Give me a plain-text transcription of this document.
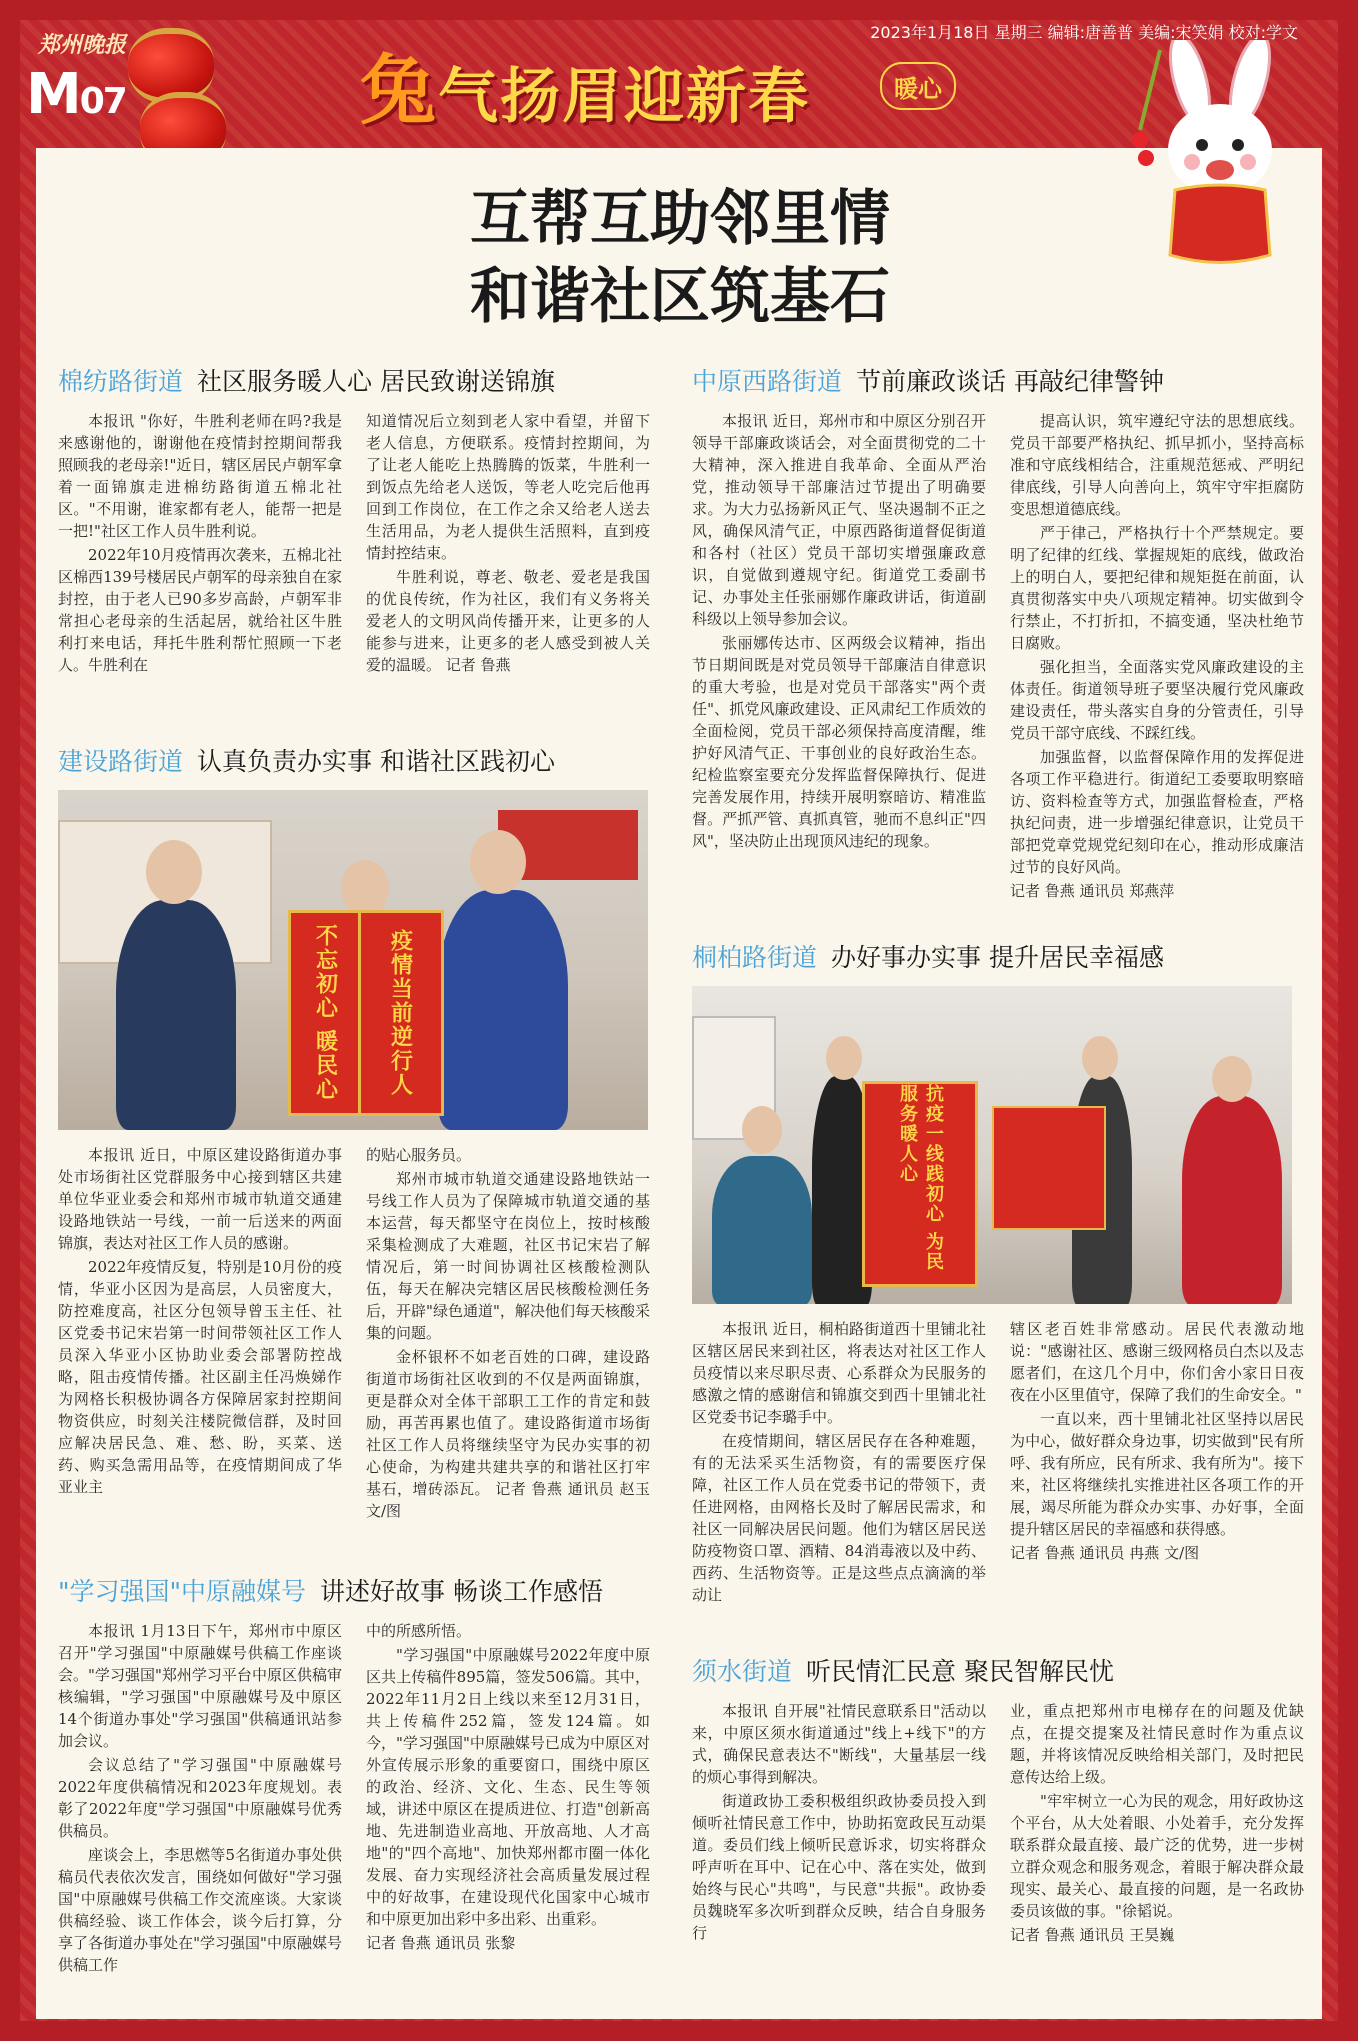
郑州晚报
M07
2023年1月18日 星期三 编辑:唐善普 美编:宋笑娟 校对:学文
兔气扬眉迎新春	暖心
互帮互助邻里情
和谐社区筑基石
棉纺路街道 社区服务暖人心 居民致谢送锦旗

本报讯 "你好，牛胜利老师在吗?我是来感谢他的，谢谢他在疫情封控期间帮我照顾我的老母亲!"近日，辖区居民卢朝军拿着一面锦旗走进棉纺路街道五棉北社区。"不用谢，谁家都有老人，能帮一把是一把!"社区工作人员牛胜利说。

2022年10月疫情再次袭来，五棉北社区棉西139号楼居民卢朝军的母亲独自在家封控，由于老人已90多岁高龄，卢朝军非常担心老母亲的生活起居，就给社区牛胜利打来电话，拜托牛胜利帮忙照顾一下老人。牛胜利在

知道情况后立刻到老人家中看望，并留下老人信息，方便联系。疫情封控期间，为了让老人能吃上热腾腾的饭菜，牛胜利一到饭点先给老人送饭，等老人吃完后他再回到工作岗位，在工作之余又给老人送去生活用品，为老人提供生活照料，直到疫情封控结束。

牛胜利说，尊老、敬老、爱老是我国的优良传统，作为社区，我们有义务将关爱老人的文明风尚传播开来，让更多的人能参与进来，让更多的老人感受到被人关爱的温暖。 记者 鲁燕

建设路街道 认真负责办实事 和谐社区践初心
不忘初心 暖民心 疫情当前逆行人

本报讯 近日，中原区建设路街道办事处市场街社区党群服务中心接到辖区共建单位华亚业委会和郑州市城市轨道交通建设路地铁站一号线，一前一后送来的两面锦旗，表达对社区工作人员的感谢。

2022年疫情反复，特别是10月份的疫情，华亚小区因为是高层，人员密度大，防控难度高，社区分包领导曾玉主任、社区党委书记宋岩第一时间带领社区工作人员深入华亚小区协助业委会部署防控战略，阻击疫情传播。社区副主任冯焕娣作为网格长积极协调各方保障居家封控期间物资供应，时刻关注楼院微信群，及时回应解决居民急、难、愁、盼，买菜、送药、购买急需用品等，在疫情期间成了华亚业主

的贴心服务员。

郑州市城市轨道交通建设路地铁站一号线工作人员为了保障城市轨道交通的基本运营，每天都坚守在岗位上，按时核酸采集检测成了大难题，社区书记宋岩了解情况后，第一时间协调社区核酸检测队伍，每天在解决完辖区居民核酸检测任务后，开辟"绿色通道"，解决他们每天核酸采集的问题。

金杯银杯不如老百姓的口碑，建设路街道市场街社区收到的不仅是两面锦旗，更是群众对全体干部职工工作的肯定和鼓励，再苦再累也值了。建设路街道市场街社区工作人员将继续坚守为民办实事的初心使命，为构建共建共享的和谐社区打牢基石，增砖添瓦。 记者 鲁燕 通讯员 赵玉 文/图

"学习强国"中原融媒号 讲述好故事 畅谈工作感悟

本报讯 1月13日下午，郑州市中原区召开"学习强国"中原融媒号供稿工作座谈会。"学习强国"郑州学习平台中原区供稿审核编辑，"学习强国"中原融媒号及中原区14个街道办事处"学习强国"供稿通讯站参加会议。

会议总结了"学习强国"中原融媒号2022年度供稿情况和2023年度规划。表彰了2022年度"学习强国"中原融媒号优秀供稿员。

座谈会上，李思燃等5名街道办事处供稿员代表依次发言，围绕如何做好"学习强国"中原融媒号供稿工作交流座谈。大家谈供稿经验、谈工作体会，谈今后打算，分享了各街道办事处在"学习强国"中原融媒号供稿工作

中的所感所悟。

"学习强国"中原融媒号2022年度中原区共上传稿件895篇，签发506篇。其中，2022年11月2日上线以来至12月31日，共上传稿件252篇，签发124篇。如今，"学习强国"中原融媒号已成为中原区对外宣传展示形象的重要窗口，围绕中原区的政治、经济、文化、生态、民生等领域，讲述中原区在提质进位、打造"创新高地、先进制造业高地、开放高地、人才高地"的"四个高地"、加快郑州都市圈一体化发展、奋力实现经济社会高质量发展过程中的好故事，在建设现代化国家中心城市和中原更加出彩中多出彩、出重彩。

记者 鲁燕 通讯员 张黎

中原西路街道 节前廉政谈话 再敲纪律警钟

本报讯 近日，郑州市和中原区分别召开领导干部廉政谈话会，对全面贯彻党的二十大精神，深入推进自我革命、全面从严治党，推动领导干部廉洁过节提出了明确要求。为大力弘扬新风正气、坚决遏制不正之风，确保风清气正，中原西路街道督促街道和各村（社区）党员干部切实增强廉政意识，自觉做到遵规守纪。街道党工委副书记、办事处主任张丽娜作廉政讲话，街道副科级以上领导参加会议。

张丽娜传达市、区两级会议精神，指出节日期间既是对党员领导干部廉洁自律意识的重大考验，也是对党员干部落实"两个责任"、抓党风廉政建设、正风肃纪工作质效的全面检阅，党员干部必须保持高度清醒，维护好风清气正、干事创业的良好政治生态。纪检监察室要充分发挥监督保障执行、促进完善发展作用，持续开展明察暗访、精准监督。严抓严管、真抓真管，驰而不息纠正"四风"，坚决防止出现顶风违纪的现象。

提高认识，筑牢遵纪守法的思想底线。党员干部要严格执纪、抓早抓小，坚持高标准和守底线相结合，注重规范惩戒、严明纪律底线，引导人向善向上，筑牢守牢拒腐防变思想道德底线。

严于律己，严格执行十个严禁规定。要明了纪律的红线、掌握规矩的底线，做政治上的明白人，要把纪律和规矩挺在前面，认真贯彻落实中央八项规定精神。切实做到令行禁止，不打折扣，不搞变通，坚决杜绝节日腐败。

强化担当，全面落实党风廉政建设的主体责任。街道领导班子要坚决履行党风廉政建设责任，带头落实自身的分管责任，引导党员干部守底线、不踩红线。

加强监督，以监督保障作用的发挥促进各项工作平稳进行。街道纪工委要取明察暗访、资料检查等方式，加强监督检查，严格执纪问责，进一步增强纪律意识，让党员干部把党章党规党纪刻印在心，推动形成廉洁过节的良好风尚。

记者 鲁燕 通讯员 郑燕萍

桐柏路街道 办好事办实事 提升居民幸福感
抗疫一线践初心 为民服务暖人心

本报讯 近日，桐柏路街道西十里铺北社区辖区居民来到社区，将表达对社区工作人员疫情以来尽职尽责、心系群众为民服务的感激之情的感谢信和锦旗交到西十里铺北社区党委书记李璐手中。

在疫情期间，辖区居民存在各种难题，有的无法采买生活物资，有的需要医疗保障，社区工作人员在党委书记的带领下，责任进网格，由网格长及时了解居民需求，和社区一同解决居民问题。他们为辖区居民送防疫物资口罩、酒精、84消毒液以及中药、西药、生活物资等。正是这些点点滴滴的举动让

辖区老百姓非常感动。居民代表激动地说："感谢社区、感谢三级网格员白杰以及志愿者们，在这几个月中，你们舍小家日日夜夜在小区里值守，保障了我们的生命安全。"

一直以来，西十里铺北社区坚持以居民为中心，做好群众身边事，切实做到"民有所呼、我有所应，民有所求、我有所为"。接下来，社区将继续扎实推进社区各项工作的开展，竭尽所能为群众办实事、办好事，全面提升辖区居民的幸福感和获得感。

记者 鲁燕 通讯员 冉燕 文/图

须水街道 听民情汇民意 聚民智解民忧

本报讯 自开展"社情民意联系日"活动以来，中原区须水街道通过"线上+线下"的方式，确保民意表达不"断线"，大量基层一线的烦心事得到解决。

街道政协工委积极组织政协委员投入到倾听社情民意工作中，协助拓宽政民互动渠道。委员们线上倾听民意诉求，切实将群众呼声听在耳中、记在心中、落在实处，做到始终与民心"共鸣"，与民意"共振"。政协委员魏晓军多次听到群众反映，结合自身服务行

业，重点把郑州市电梯存在的问题及优缺点，在提交提案及社情民意时作为重点议题，并将该情况反映给相关部门，及时把民意传达给上级。

"牢牢树立一心为民的观念，用好政协这个平台，从大处着眼、小处着手，充分发挥联系群众最直接、最广泛的优势，进一步树立群众观念和服务观念，着眼于解决群众最现实、最关心、最直接的问题，是一名政协委员该做的事。"徐韬说。

记者 鲁燕 通讯员 王昊巍
